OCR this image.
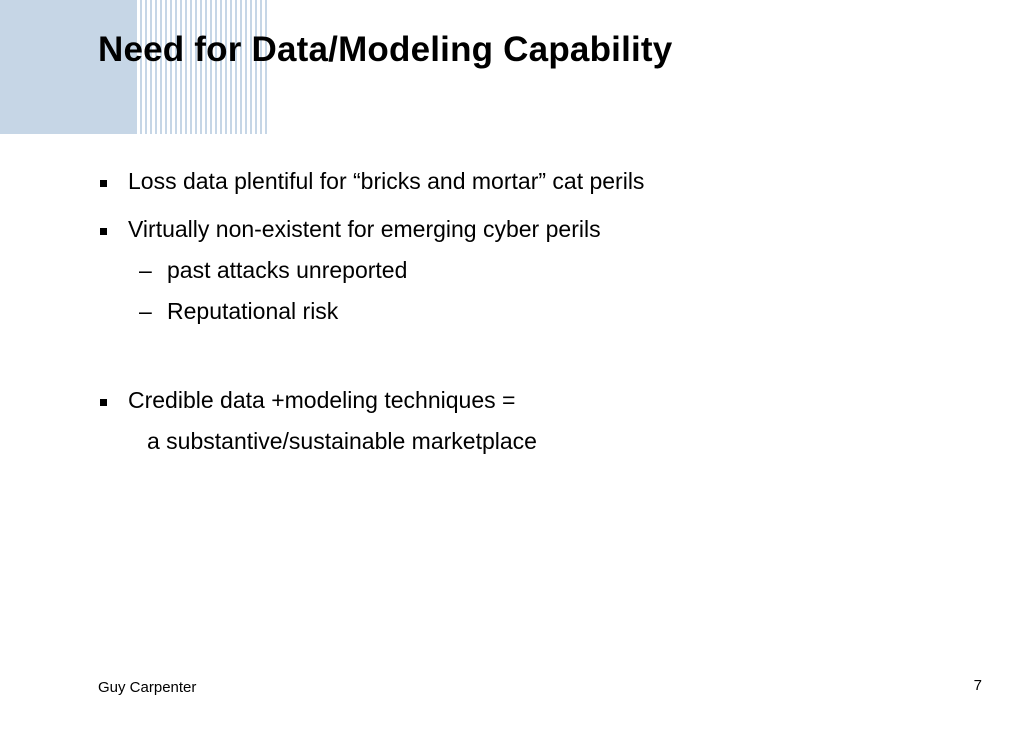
Need for Data/Modeling Capability
Loss data plentiful for “bricks and mortar” cat perils
Virtually non-existent for emerging cyber perils
– past attacks unreported
– Reputational risk
Credible data +modeling techniques =
a substantive/sustainable marketplace
Guy Carpenter	7
